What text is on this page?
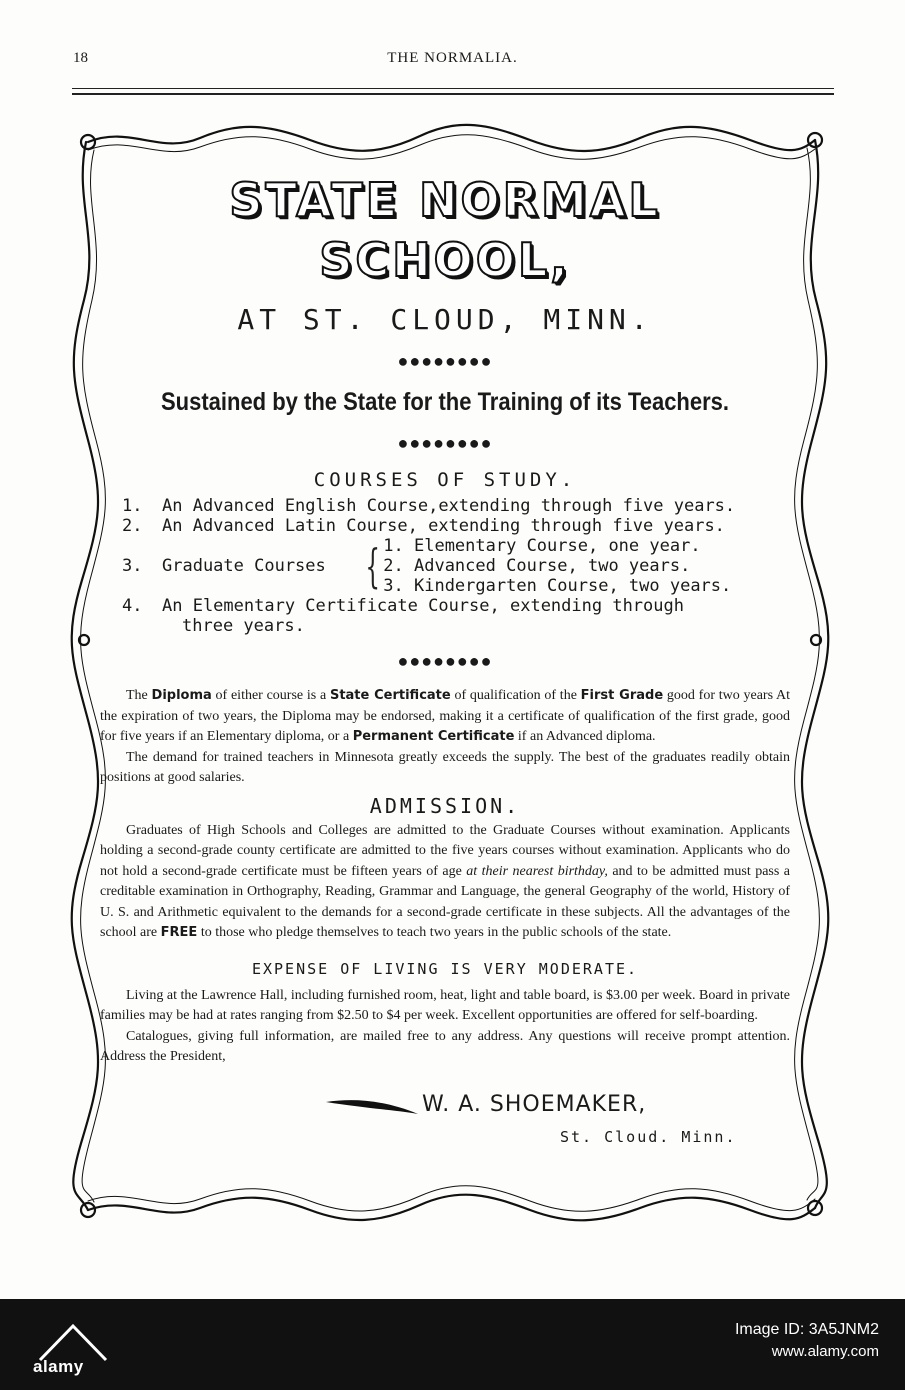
18	THE NORMALIA.
STATE NORMAL SCHOOL,
AT ST. CLOUD, MINN.
●●●●●●●●

Sustained by the State for the Training of its Teachers.

●●●●●●●●
COURSES OF STUDY.
1.	An Advanced English Course,extending through five years.
2.	An Advanced Latin Course, extending through five years.
3.	Graduate Courses { 1. Elementary Course, one year.
2. Advanced Course, two years.
3. Kindergarten Course, two years.
4.	An Elementary Certificate Course, extending through
three years.
●●●●●●●●

The Diploma of either course is a State Certificate of qualification of the First Grade good for two years At the expiration of two years, the Diploma may be endorsed, making it a certificate of qualification of the first grade, good for five years if an Elementary diploma, or a Permanent Certificate if an Advanced diploma.

The demand for trained teachers in Minnesota greatly exceeds the supply. The best of the graduates readily obtain positions at good salaries.

ADMISSION.

Graduates of High Schools and Colleges are admitted to the Graduate Courses without examination. Applicants holding a second-grade county certificate are admitted to the five years courses without examination. Applicants who do not hold a second-grade certificate must be fifteen years of age at their nearest birthday, and to be admitted must pass a creditable examination in Orthography, Reading, Grammar and Language, the general Geography of the world, History of U. S. and Arithmetic equivalent to the demands for a second-grade certificate in these subjects. All the advantages of the school are FREE to those who pledge themselves to teach two years in the public schools of the state.

EXPENSE OF LIVING IS VERY MODERATE.

Living at the Lawrence Hall, including furnished room, heat, light and table board, is $3.00 per week. Board in private families may be had at rates ranging from $2.50 to $4 per week. Excellent opportunities are offered for self-boarding.

Catalogues, giving full information, are mailed free to any address. Any questions will receive prompt attention. Address the President,

W. A. SHOEMAKER,
St. Cloud. Minn.
alamy
Image ID: 3A5JNM2
www.alamy.com
